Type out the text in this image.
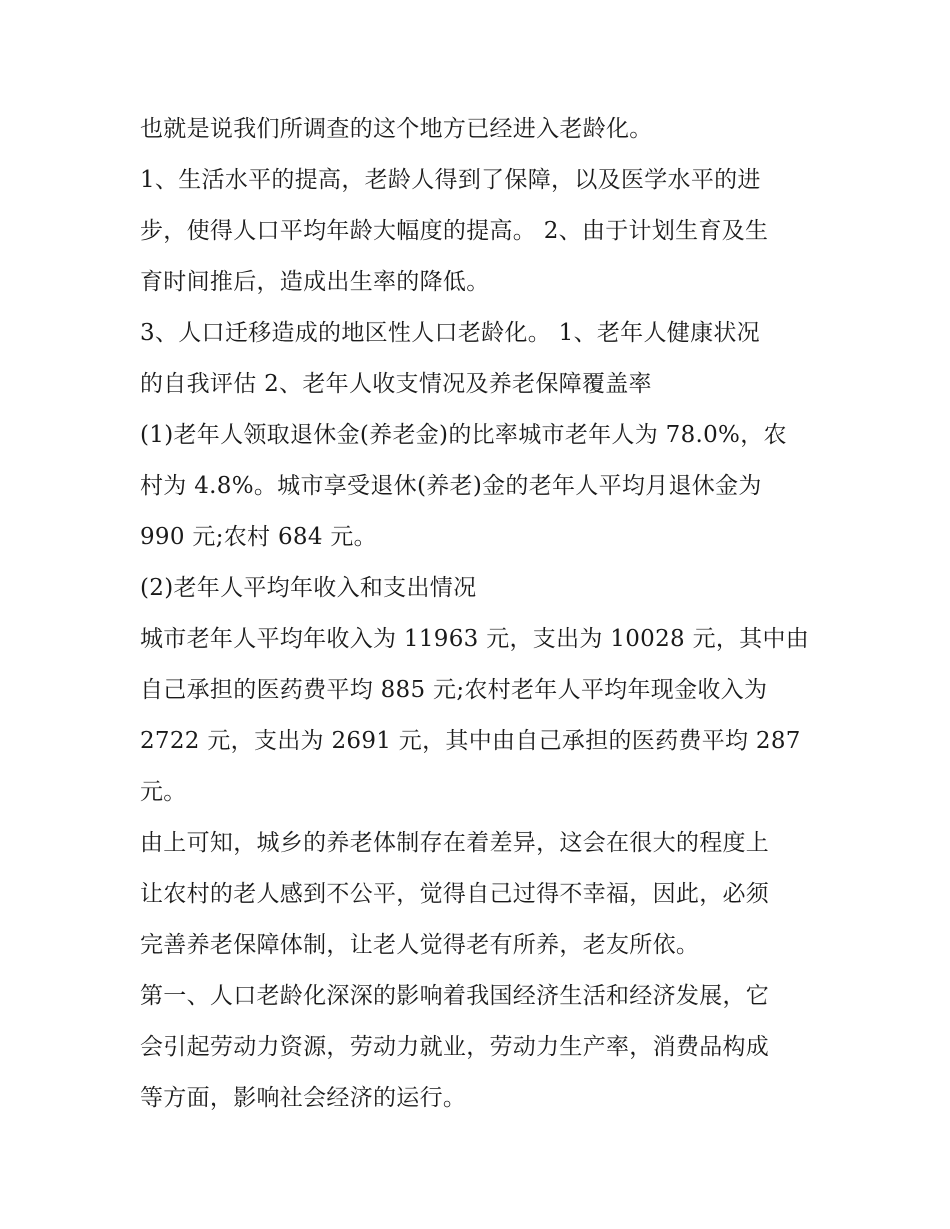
也就是说我们所调查的这个地方已经进入老龄化。
1、生活水平的提高，老龄人得到了保障，以及医学水平的进
步，使得人口平均年龄大幅度的提高。 2、由于计划生育及生
育时间推后，造成出生率的降低。
3、人口迁移造成的地区性人口老龄化。 1、老年人健康状况
的自我评估 2、老年人收支情况及养老保障覆盖率
(1)老年人领取退休金(养老金)的比率城市老年人为 78.0%，农
村为 4.8%。城市享受退休(养老)金的老年人平均月退休金为
990 元;农村 684 元。
(2)老年人平均年收入和支出情况
城市老年人平均年收入为 11963 元，支出为 10028 元，其中由
自己承担的医药费平均 885 元;农村老年人平均年现金收入为
2722 元，支出为 2691 元，其中由自己承担的医药费平均 287
元。
由上可知，城乡的养老体制存在着差异，这会在很大的程度上
让农村的老人感到不公平，觉得自己过得不幸福，因此，必须
完善养老保障体制，让老人觉得老有所养，老友所依。
第一、人口老龄化深深的影响着我国经济生活和经济发展，它
会引起劳动力资源，劳动力就业，劳动力生产率，消费品构成
等方面，影响社会经济的运行。
